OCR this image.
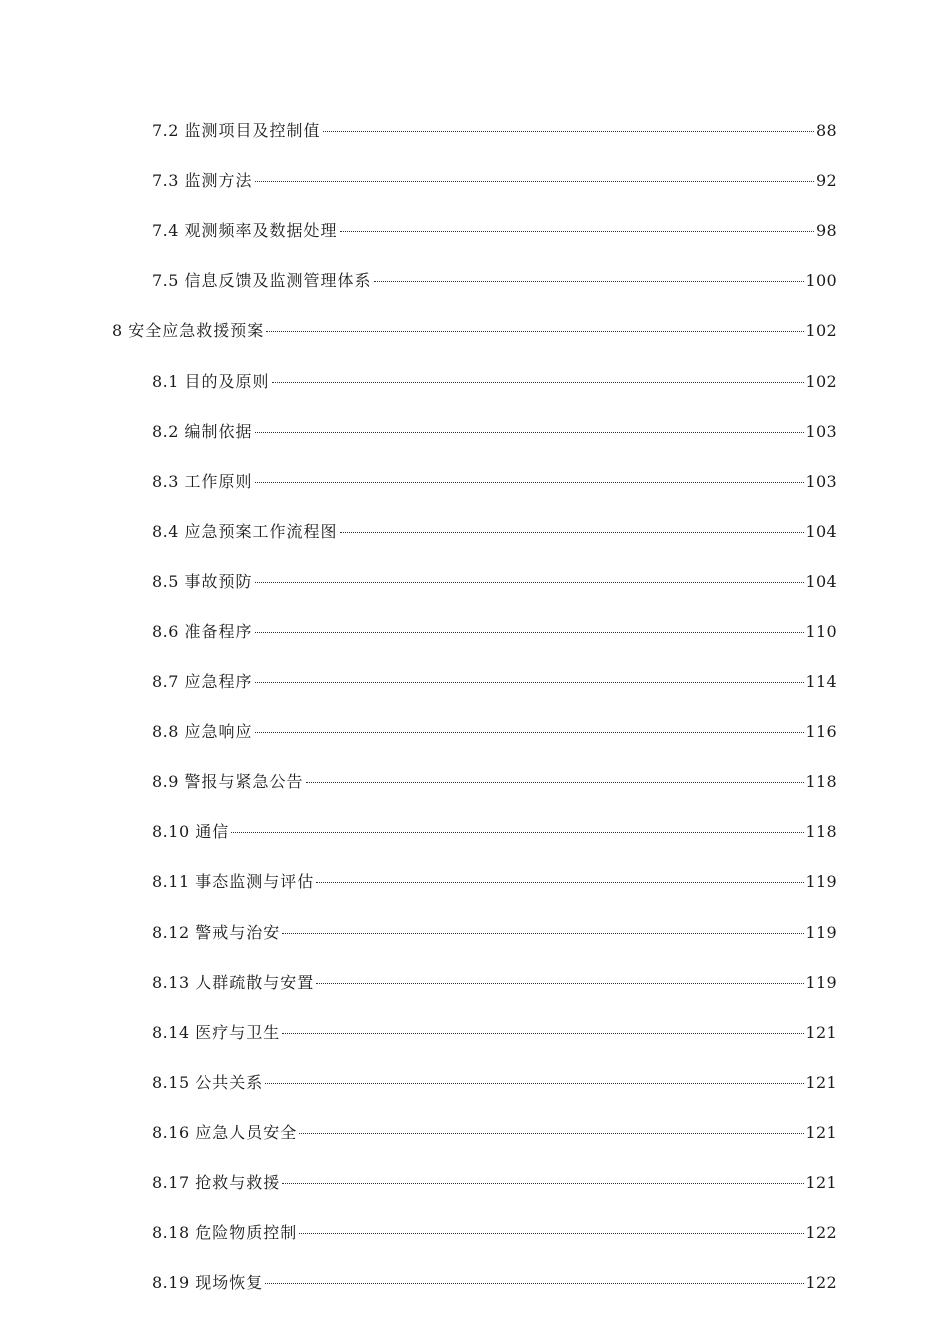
7.2 监测项目及控制值	88
7.3 监测方法	92
7.4 观测频率及数据处理	98
7.5 信息反馈及监测管理体系	100
8 安全应急救援预案	102
8.1 目的及原则	102
8.2 编制依据	103
8.3 工作原则	103
8.4 应急预案工作流程图	104
8.5 事故预防	104
8.6 准备程序	110
8.7 应急程序	114
8.8 应急响应	116
8.9 警报与紧急公告	118
8.10 通信	118
8.11 事态监测与评估	119
8.12 警戒与治安	119
8.13 人群疏散与安置	119
8.14 医疗与卫生	121
8.15 公共关系	121
8.16 应急人员安全	121
8.17 抢救与救援	121
8.18 危险物质控制	122
8.19 现场恢复	122
